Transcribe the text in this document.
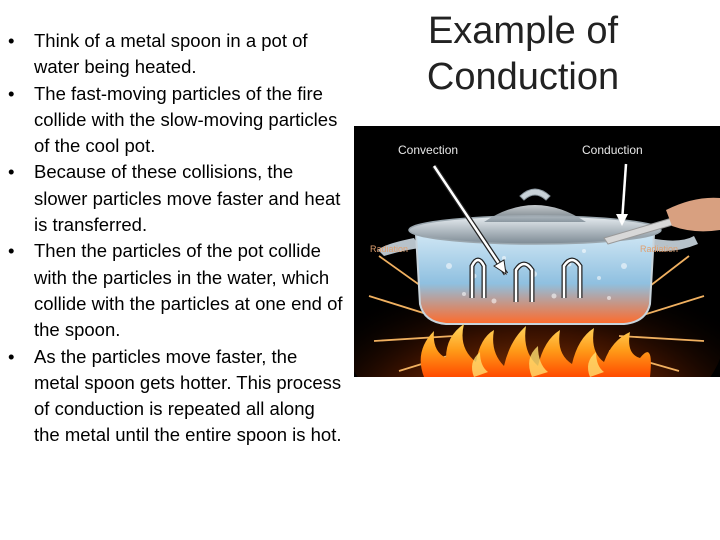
• Think of a metal spoon in a pot of water being heated.
• The fast-moving particles of the fire collide with the slow-moving particles of the cool pot.
• Because of these collisions, the slower particles move faster and heat is transferred.
• Then the particles of the pot collide with the particles in the water, which collide with the particles at one end of the spoon.
• As the particles move faster, the metal spoon gets hotter. This process of conduction is repeated all along the metal until the entire spoon is hot.
Example of
Conduction
Convection	Conduction
Radiation	Radiation
